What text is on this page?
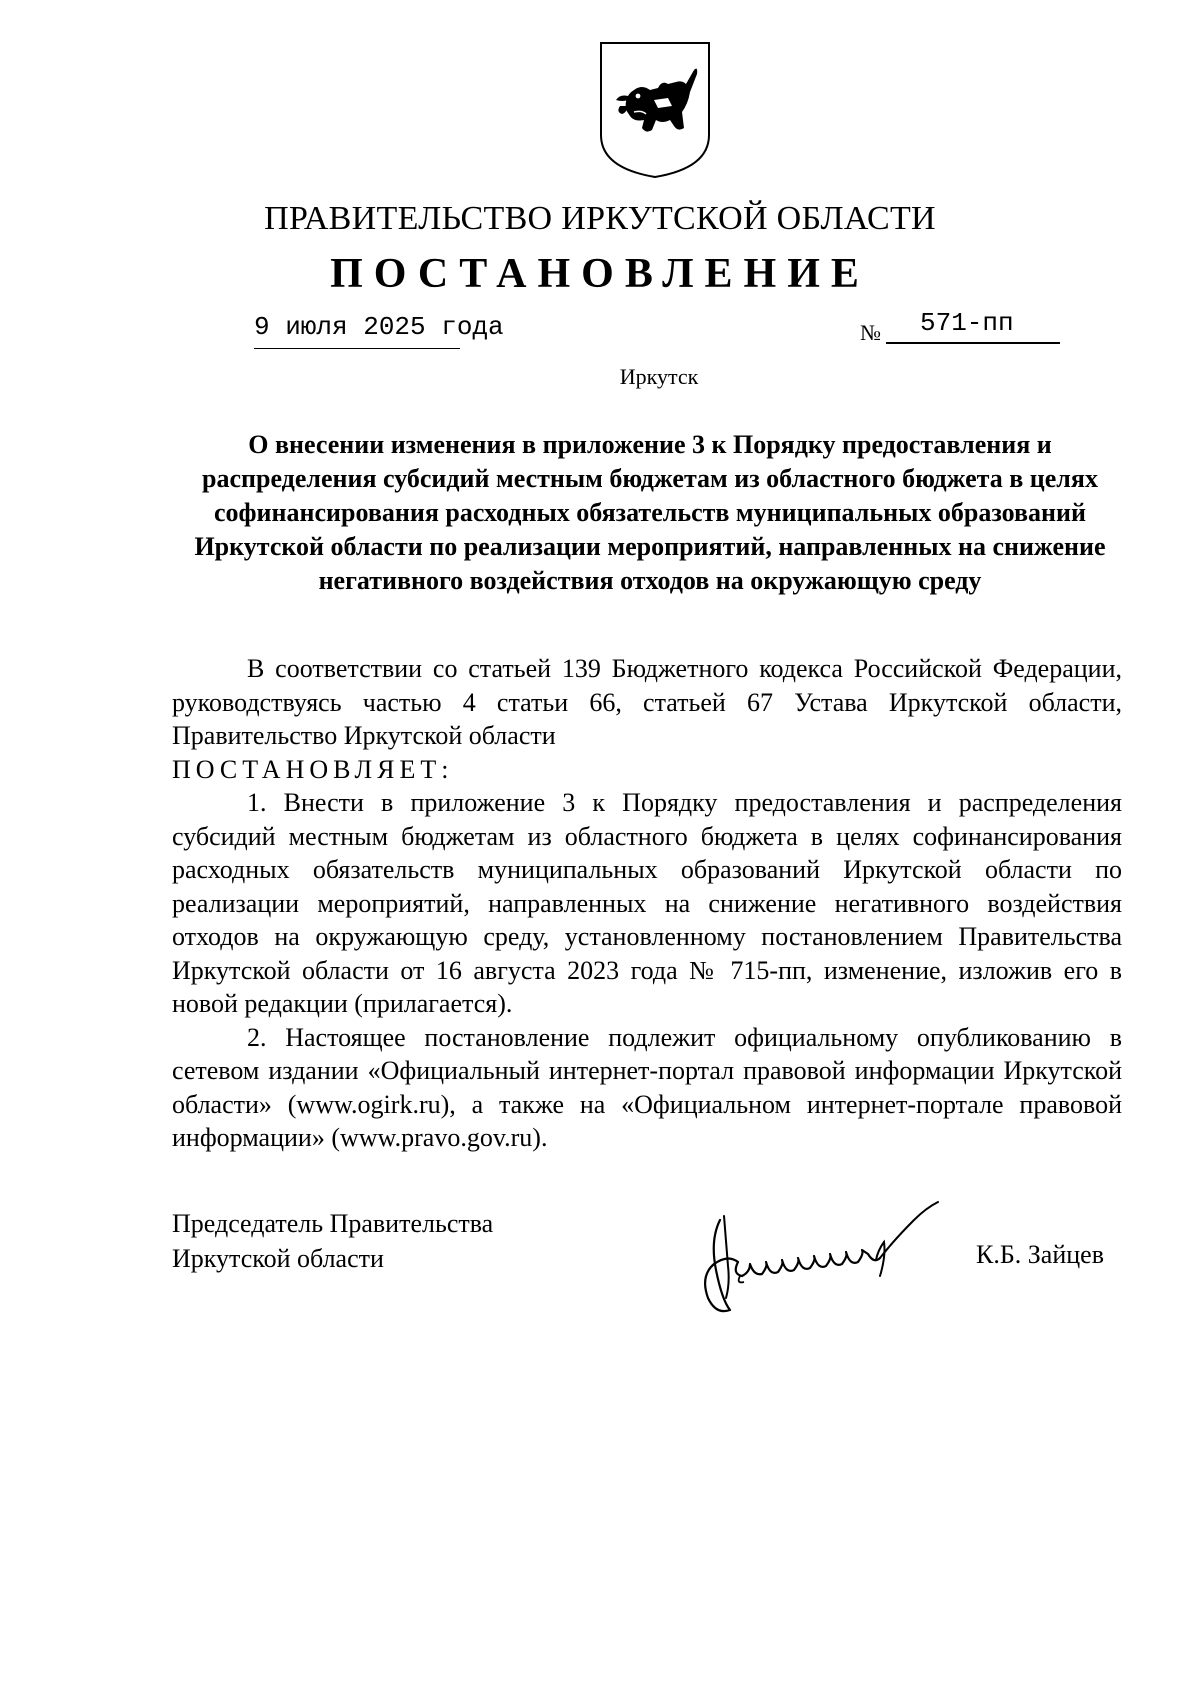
ПРАВИТЕЛЬСТВО ИРКУТСКОЙ ОБЛАСТИ
ПОСТАНОВЛЕНИЕ
9 июля 2025 года	№ 571-пп
Иркутск
О внесении изменения в приложение 3 к Порядку предоставления и распределения субсидий местным бюджетам из областного бюджета в целях софинансирования расходных обязательств муниципальных образований Иркутской области по реализации мероприятий, направленных на снижение негативного воздействия отходов на окружающую среду

В соответствии со статьей 139 Бюджетного кодекса Российской Федерации, руководствуясь частью 4 статьи 66, статьей 67 Устава Иркутской области, Правительство Иркутской области

ПОСТАНОВЛЯЕТ:

1. Внести в приложение 3 к Порядку предоставления и распределения субсидий местным бюджетам из областного бюджета в целях софинансирования расходных обязательств муниципальных образований Иркутской области по реализации мероприятий, направленных на снижение негативного воздействия отходов на окружающую среду, установленному постановлением Правительства Иркутской области от 16 августа 2023 года № 715-пп, изменение, изложив его в новой редакции (прилагается).

2. Настоящее постановление подлежит официальному опубликованию в сетевом издании «Официальный интернет-портал правовой информации Иркутской области» (www.ogirk.ru), а также на «Официальном интернет-портале правовой информации» (www.pravo.gov.ru).

Председатель Правительства
Иркутской области	К.Б. Зайцев
